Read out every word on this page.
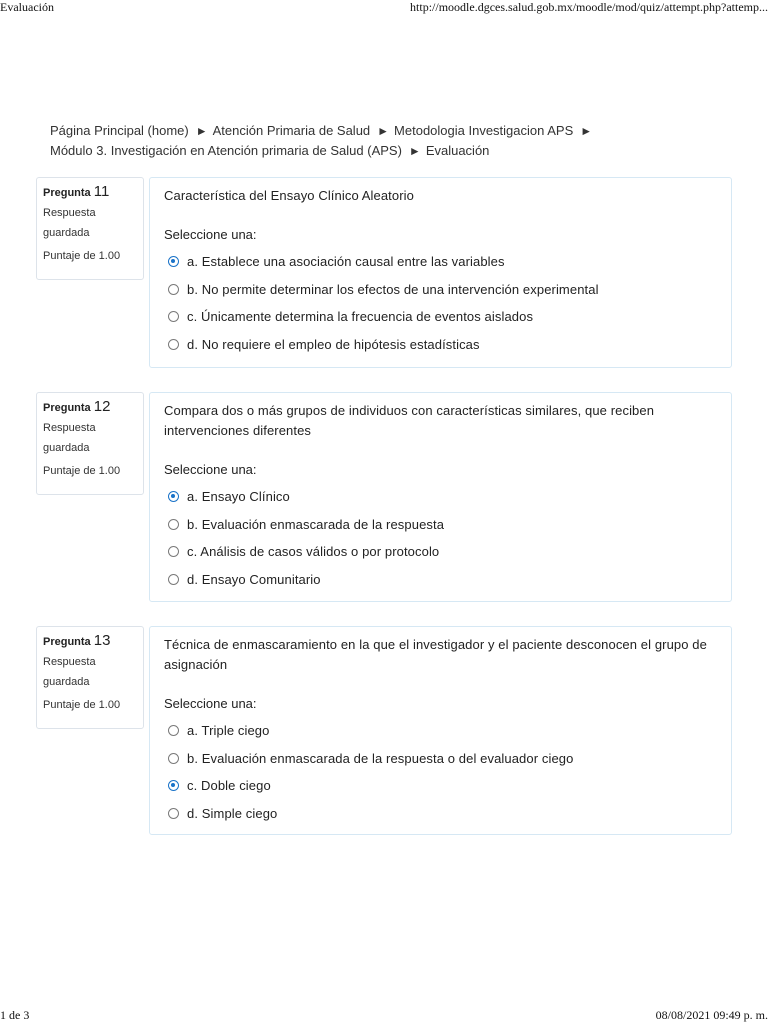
Evaluación	http://moodle.dgces.salud.gob.mx/moodle/mod/quiz/attempt.php?attemp...
Página Principal (home) ► Atención Primaria de Salud ► Metodologia Investigacion APS ►
Módulo 3. Investigación en Atención primaria de Salud (APS) ► Evaluación
Pregunta 11
Respuesta
guardada
Puntaje de 1.00
Característica del Ensayo Clínico Aleatorio
Seleccione una:
a. Establece una asociación causal entre las variables
b. No permite determinar los efectos de una intervención experimental
c. Únicamente determina la frecuencia de eventos aislados
d. No requiere el empleo de hipótesis estadísticas
Pregunta 12
Respuesta
guardada
Puntaje de 1.00
Compara dos o más grupos de individuos con características similares, que reciben intervenciones diferentes
Seleccione una:
a. Ensayo Clínico
b. Evaluación enmascarada de la respuesta
c. Análisis de casos válidos o por protocolo
d. Ensayo Comunitario
Pregunta 13
Respuesta
guardada
Puntaje de 1.00
Técnica de enmascaramiento en la que el investigador y el paciente desconocen el grupo de asignación
Seleccione una:
a. Triple ciego
b. Evaluación enmascarada de la respuesta o del evaluador ciego
c. Doble ciego
d. Simple ciego
1 de 3	08/08/2021 09:49 p. m.
